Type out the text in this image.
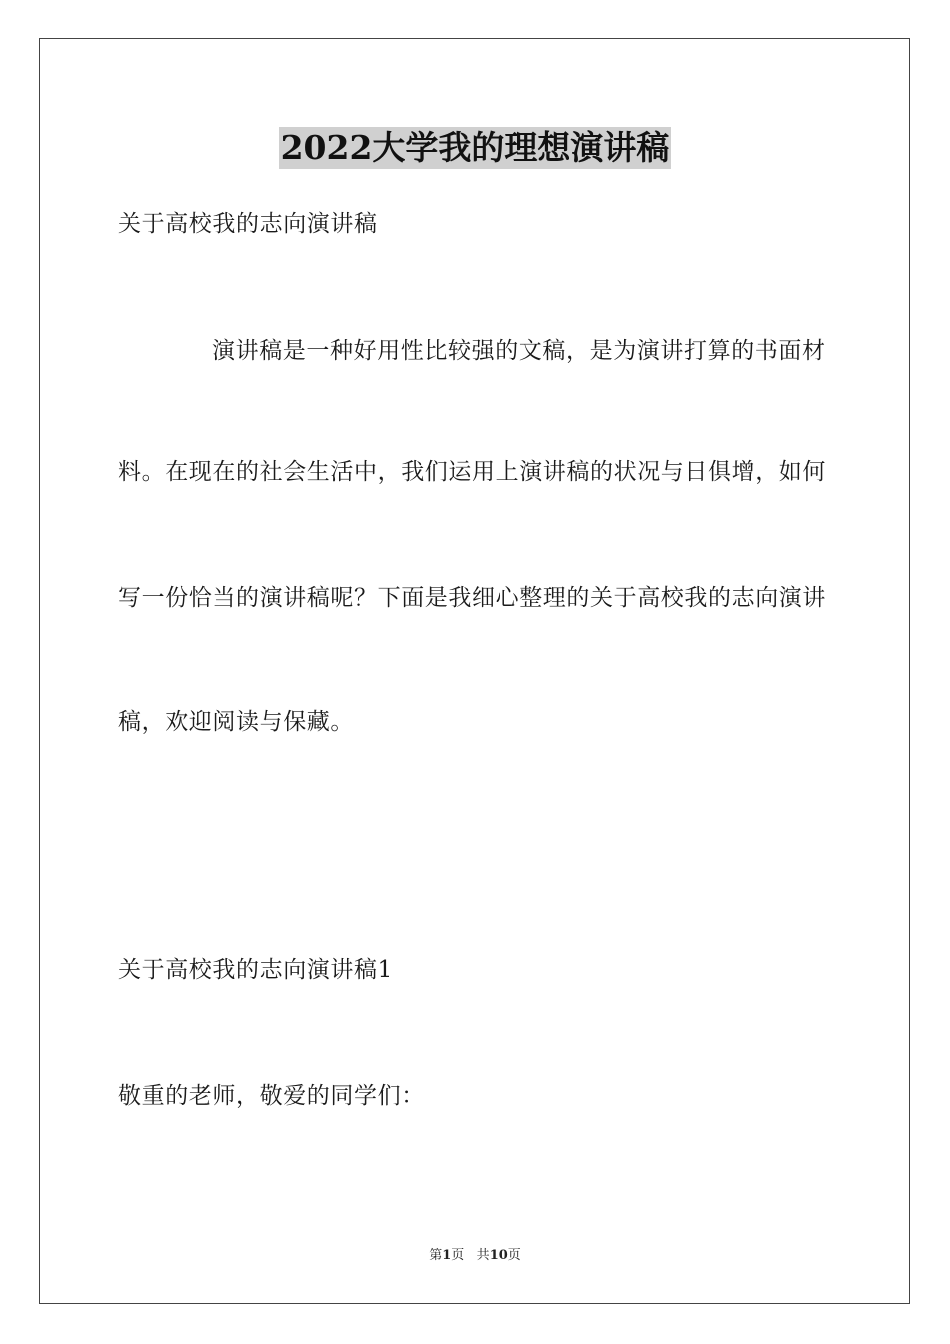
2022大学我的理想演讲稿
关于高校我的志向演讲稿
演讲稿是一种好用性比较强的文稿，是为演讲打算的书面材
料。在现在的社会生活中，我们运用上演讲稿的状况与日俱增，如何
写一份恰当的演讲稿呢？下面是我细心整理的关于高校我的志向演讲
稿，欢迎阅读与保藏。
关于高校我的志向演讲稿1
敬重的老师，敬爱的同学们：
第1页 共10页
